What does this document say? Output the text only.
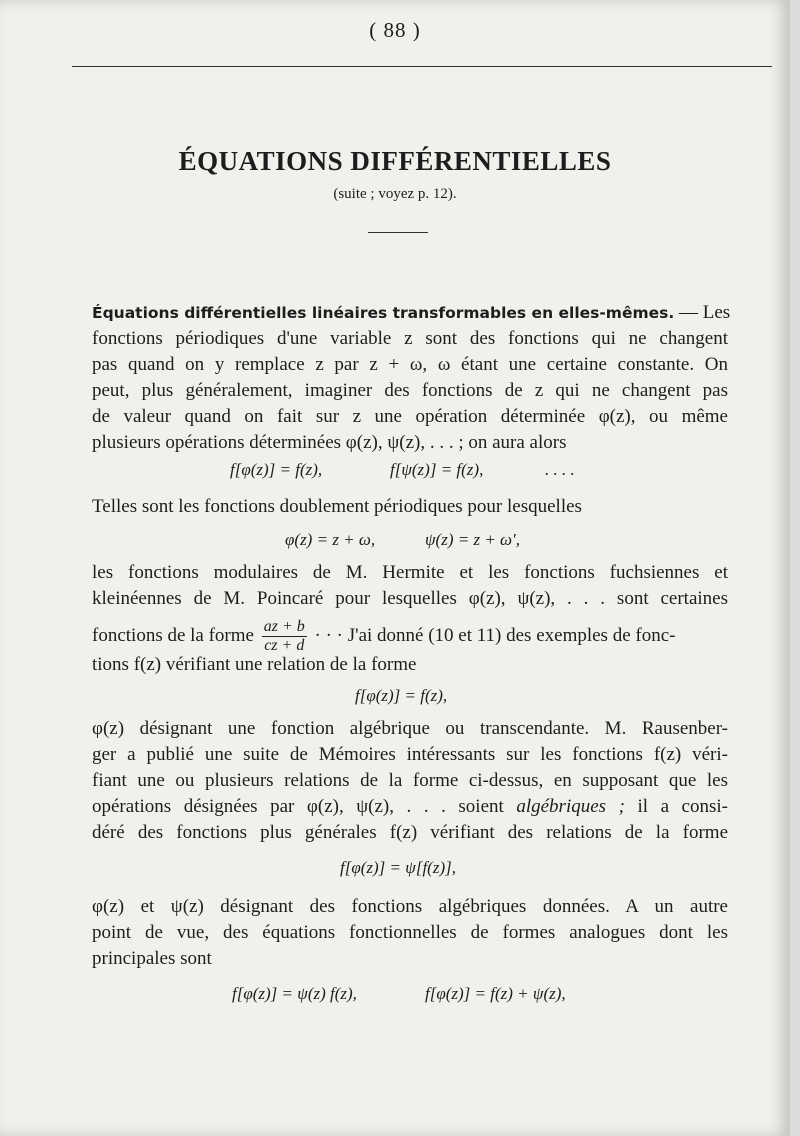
( 88 )
ÉQUATIONS DIFFÉRENTIELLES
(suite ; voyez p. 12).
Équations différentielles linéaires transformables en elles-mêmes. — Les
fonctions périodiques d'une variable z sont des fonctions qui ne changent
pas quand on y remplace z par z + ω, ω étant une certaine constante. On
peut, plus généralement, imaginer des fonctions de z qui ne changent pas
de valeur quand on fait sur z une opération déterminée φ(z), ou même
plusieurs opérations déterminées φ(z), ψ(z), . . . ; on aura alors
f[φ(z)] = f(z),	f[ψ(z)] = f(z),	. . . .
Telles sont les fonctions doublement périodiques pour lesquelles
φ(z) = z + ω,	ψ(z) = z + ω′,
les fonctions modulaires de M. Hermite et les fonctions fuchsiennes et
kleinéennes de M. Poincaré pour lesquelles φ(z), ψ(z), . . . sont certaines
fonctions de la forme $\frac{az + b}{cz + d}$ · · · J'ai donné (10 et 11) des exemples de fonc-
tions f(z) vérifiant une relation de la forme
f[φ(z)] = f(z),
φ(z) désignant une fonction algébrique ou transcendante. M. Rausenber-
ger a publié une suite de Mémoires intéressants sur les fonctions f(z) véri-
fiant une ou plusieurs relations de la forme ci-dessus, en supposant que les
opérations désignées par φ(z), ψ(z), . . . soient algébriques ; il a consi-
déré des fonctions plus générales f(z) vérifiant des relations de la forme
f[φ(z)] = ψ[f(z)],
φ(z) et ψ(z) désignant des fonctions algébriques données. A un autre
point de vue, des équations fonctionnelles de formes analogues dont les
principales sont
f[φ(z)] = ψ(z) f(z),	f[φ(z)] = f(z) + ψ(z),
